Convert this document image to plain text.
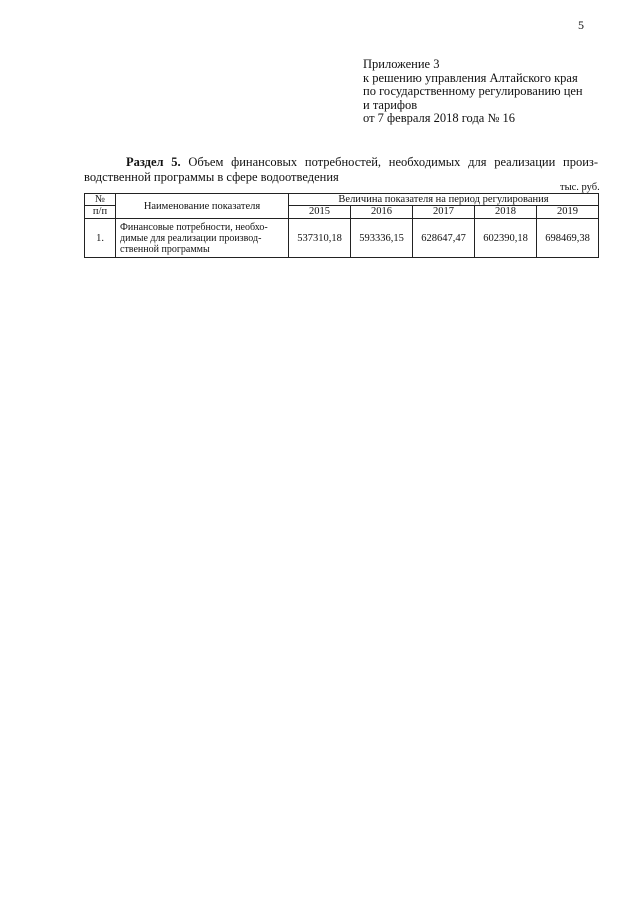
5
Приложение 3
к решению управления Алтайского края
по государственному регулированию цен
и тарифов
от 7 февраля 2018 года № 16
Раздел 5. Объем финансовых потребностей, необходимых для реализации произ-
водственной программы в сфере водоотведения
тыс. руб.
№	Наименование показателя	Величина показателя на период регулирования				
п/п		2015	2016	2017	2018	2019
1.	Финансовые потребности, необхо-
димые для реализации производ-
ственной программы	537310,18	593336,15	628647,47	602390,18	698469,38
